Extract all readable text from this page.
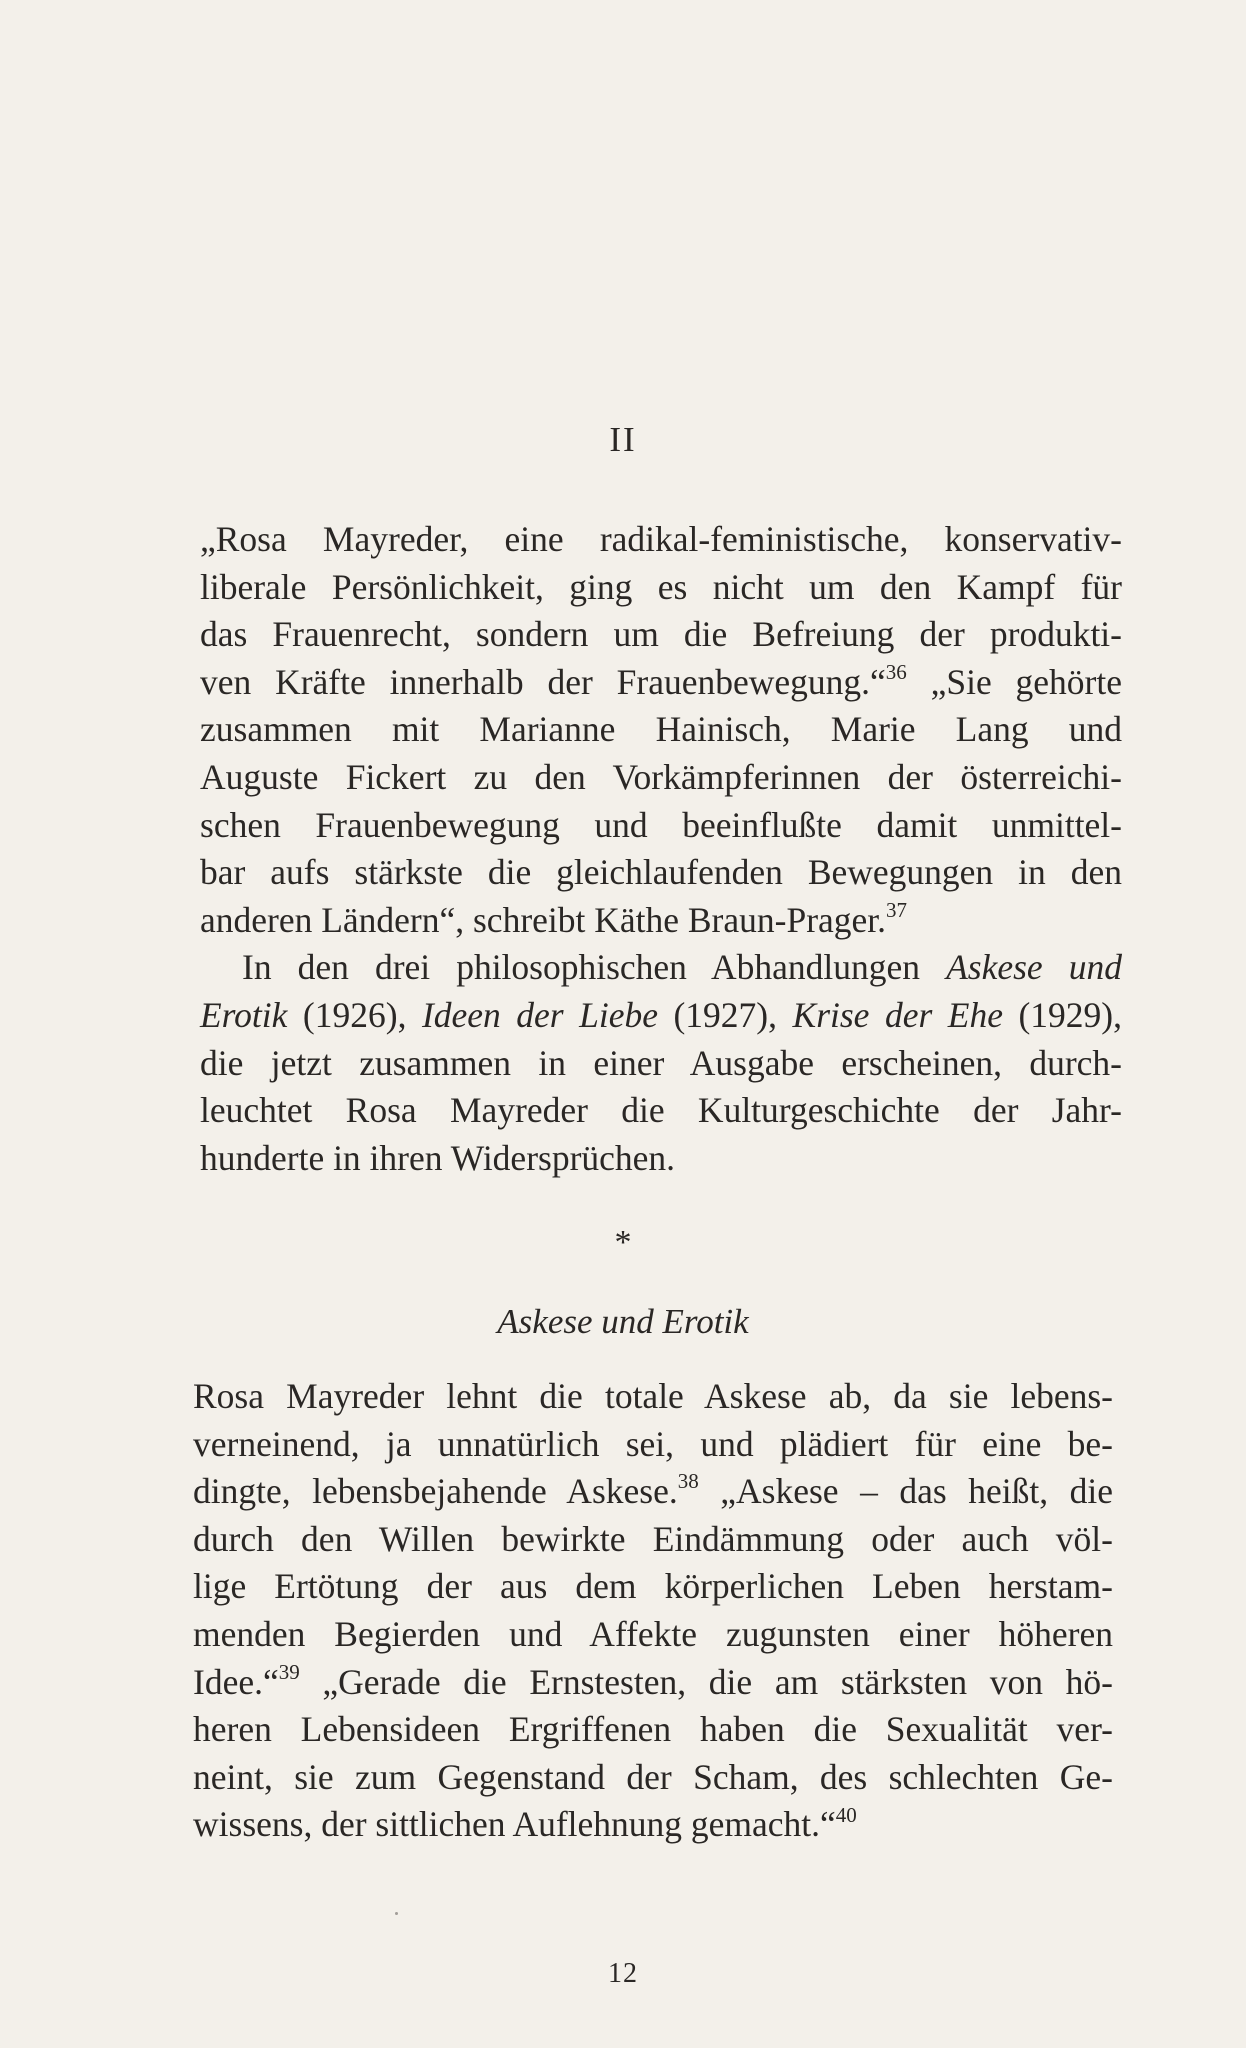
II

„Rosa Mayreder, eine radikal-feministische, konservativ-
liberale Persönlichkeit, ging es nicht um den Kampf für
das Frauenrecht, sondern um die Befreiung der produkti-
ven Kräfte innerhalb der Frauenbewegung.“$^{36}$ „Sie gehörte
zusammen mit Marianne Hainisch, Marie Lang und
Auguste Fickert zu den Vorkämpferinnen der österreichi-
schen Frauenbewegung und beeinflußte damit unmittel-
bar aufs stärkste die gleichlaufenden Bewegungen in den
anderen Ländern“, schreibt Käthe Braun-Prager.$^{37}$
In den drei philosophischen Abhandlungen Askese und
Erotik (1926), Ideen der Liebe (1927), Krise der Ehe (1929),
die jetzt zusammen in einer Ausgabe erscheinen, durch-
leuchtet Rosa Mayreder die Kulturgeschichte der Jahr-
hunderte in ihren Widersprüchen.

*

Askese und Erotik

Rosa Mayreder lehnt die totale Askese ab, da sie lebens-
verneinend, ja unnatürlich sei, und plädiert für eine be-
dingte, lebensbejahende Askese.$^{38}$ „Askese – das heißt, die
durch den Willen bewirkte Eindämmung oder auch völ-
lige Ertötung der aus dem körperlichen Leben herstam-
menden Begierden und Affekte zugunsten einer höheren
Idee.“$^{39}$ „Gerade die Ernstesten, die am stärksten von hö-
heren Lebensideen Ergriffenen haben die Sexualität ver-
neint, sie zum Gegenstand der Scham, des schlechten Ge-
wissens, der sittlichen Auflehnung gemacht.“$^{40}$

12
